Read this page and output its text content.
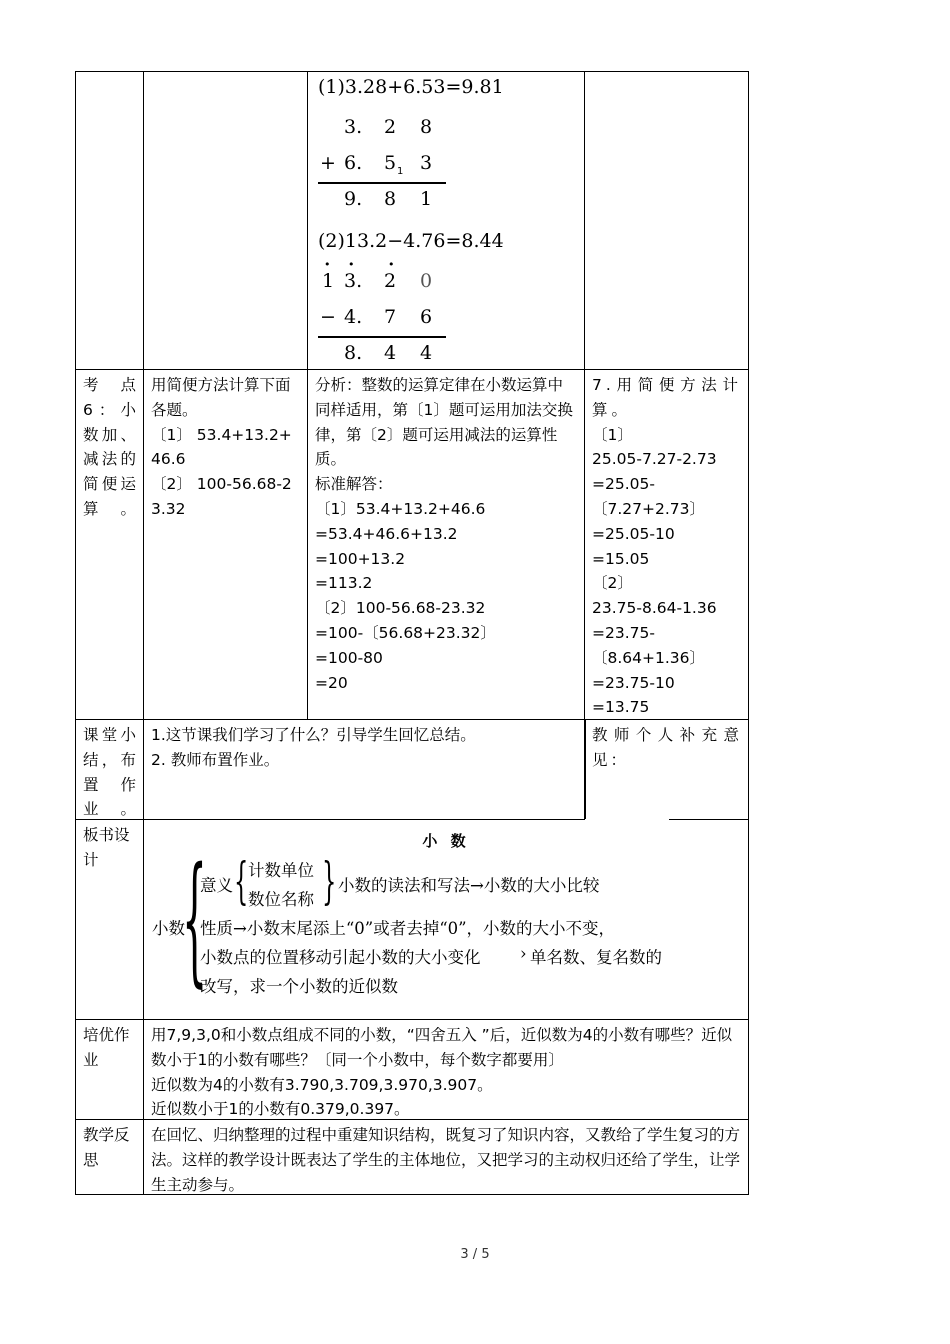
(1)3.28+6.53=9.81
3. 2 8
+ 6. 5 1 3
9. 8 1
(2)13.2−4.76=8.44
• •	•
1 3. 2 0
− 4. 7 6
8. 4 4
考点6：小数加、减法的简便运算。
用简便方法计算下面各题。
〔1〕 53.4+13.2+46.6
〔2〕 100-56.68-23.32
分析：整数的运算定律在小数运算中同样适用，第〔1〕题可运用加法交换律，第〔2〕题可运用减法的运算性质。
标准解答：
〔1〕53.4+13.2+46.6
=53.4+46.6+13.2
=100+13.2
=113.2
〔2〕100-56.68-23.32
=100-〔56.68+23.32〕
=100-80
=20
7.用简便方法计算。
〔1〕
25.05-7.27-2.73
=25.05-
〔7.27+2.73〕
=25.05-10
=15.05
〔2〕
23.75-8.64-1.36
=23.75-
〔8.64+1.36〕
=23.75-10
=13.75
课堂小结，布置作业。
1.这节课我们学习了什么？引导学生回忆总结。
2. 教师布置作业。
教师个人补充意见：
板书设计
小 数
小数
{
意义 { 计数单位
数位名称 } 小数的读法和写法→小数的大小比较
性质→小数末尾添上“0”或者去掉“0”，小数的大小不变，
小数点的位置移动引起小数的大小变化 › 单名数、复名数的
改写，求一个小数的近似数
培优作业
用7,9,3,0和小数点组成不同的小数，“四舍五入 ”后，近似数为4的小数有哪些？近似数小于1的小数有哪些？〔同一个小数中，每个数字都要用〕
近似数为4的小数有3.790,3.709,3.970,3.907。
近似数小于1的小数有0.379,0.397。
教学反思
在回忆、归纳整理的过程中重建知识结构，既复习了知识内容，又教给了学生复习的方法。这样的教学设计既表达了学生的主体地位，又把学习的主动权归还给了学生，让学生主动参与。
3 / 5
